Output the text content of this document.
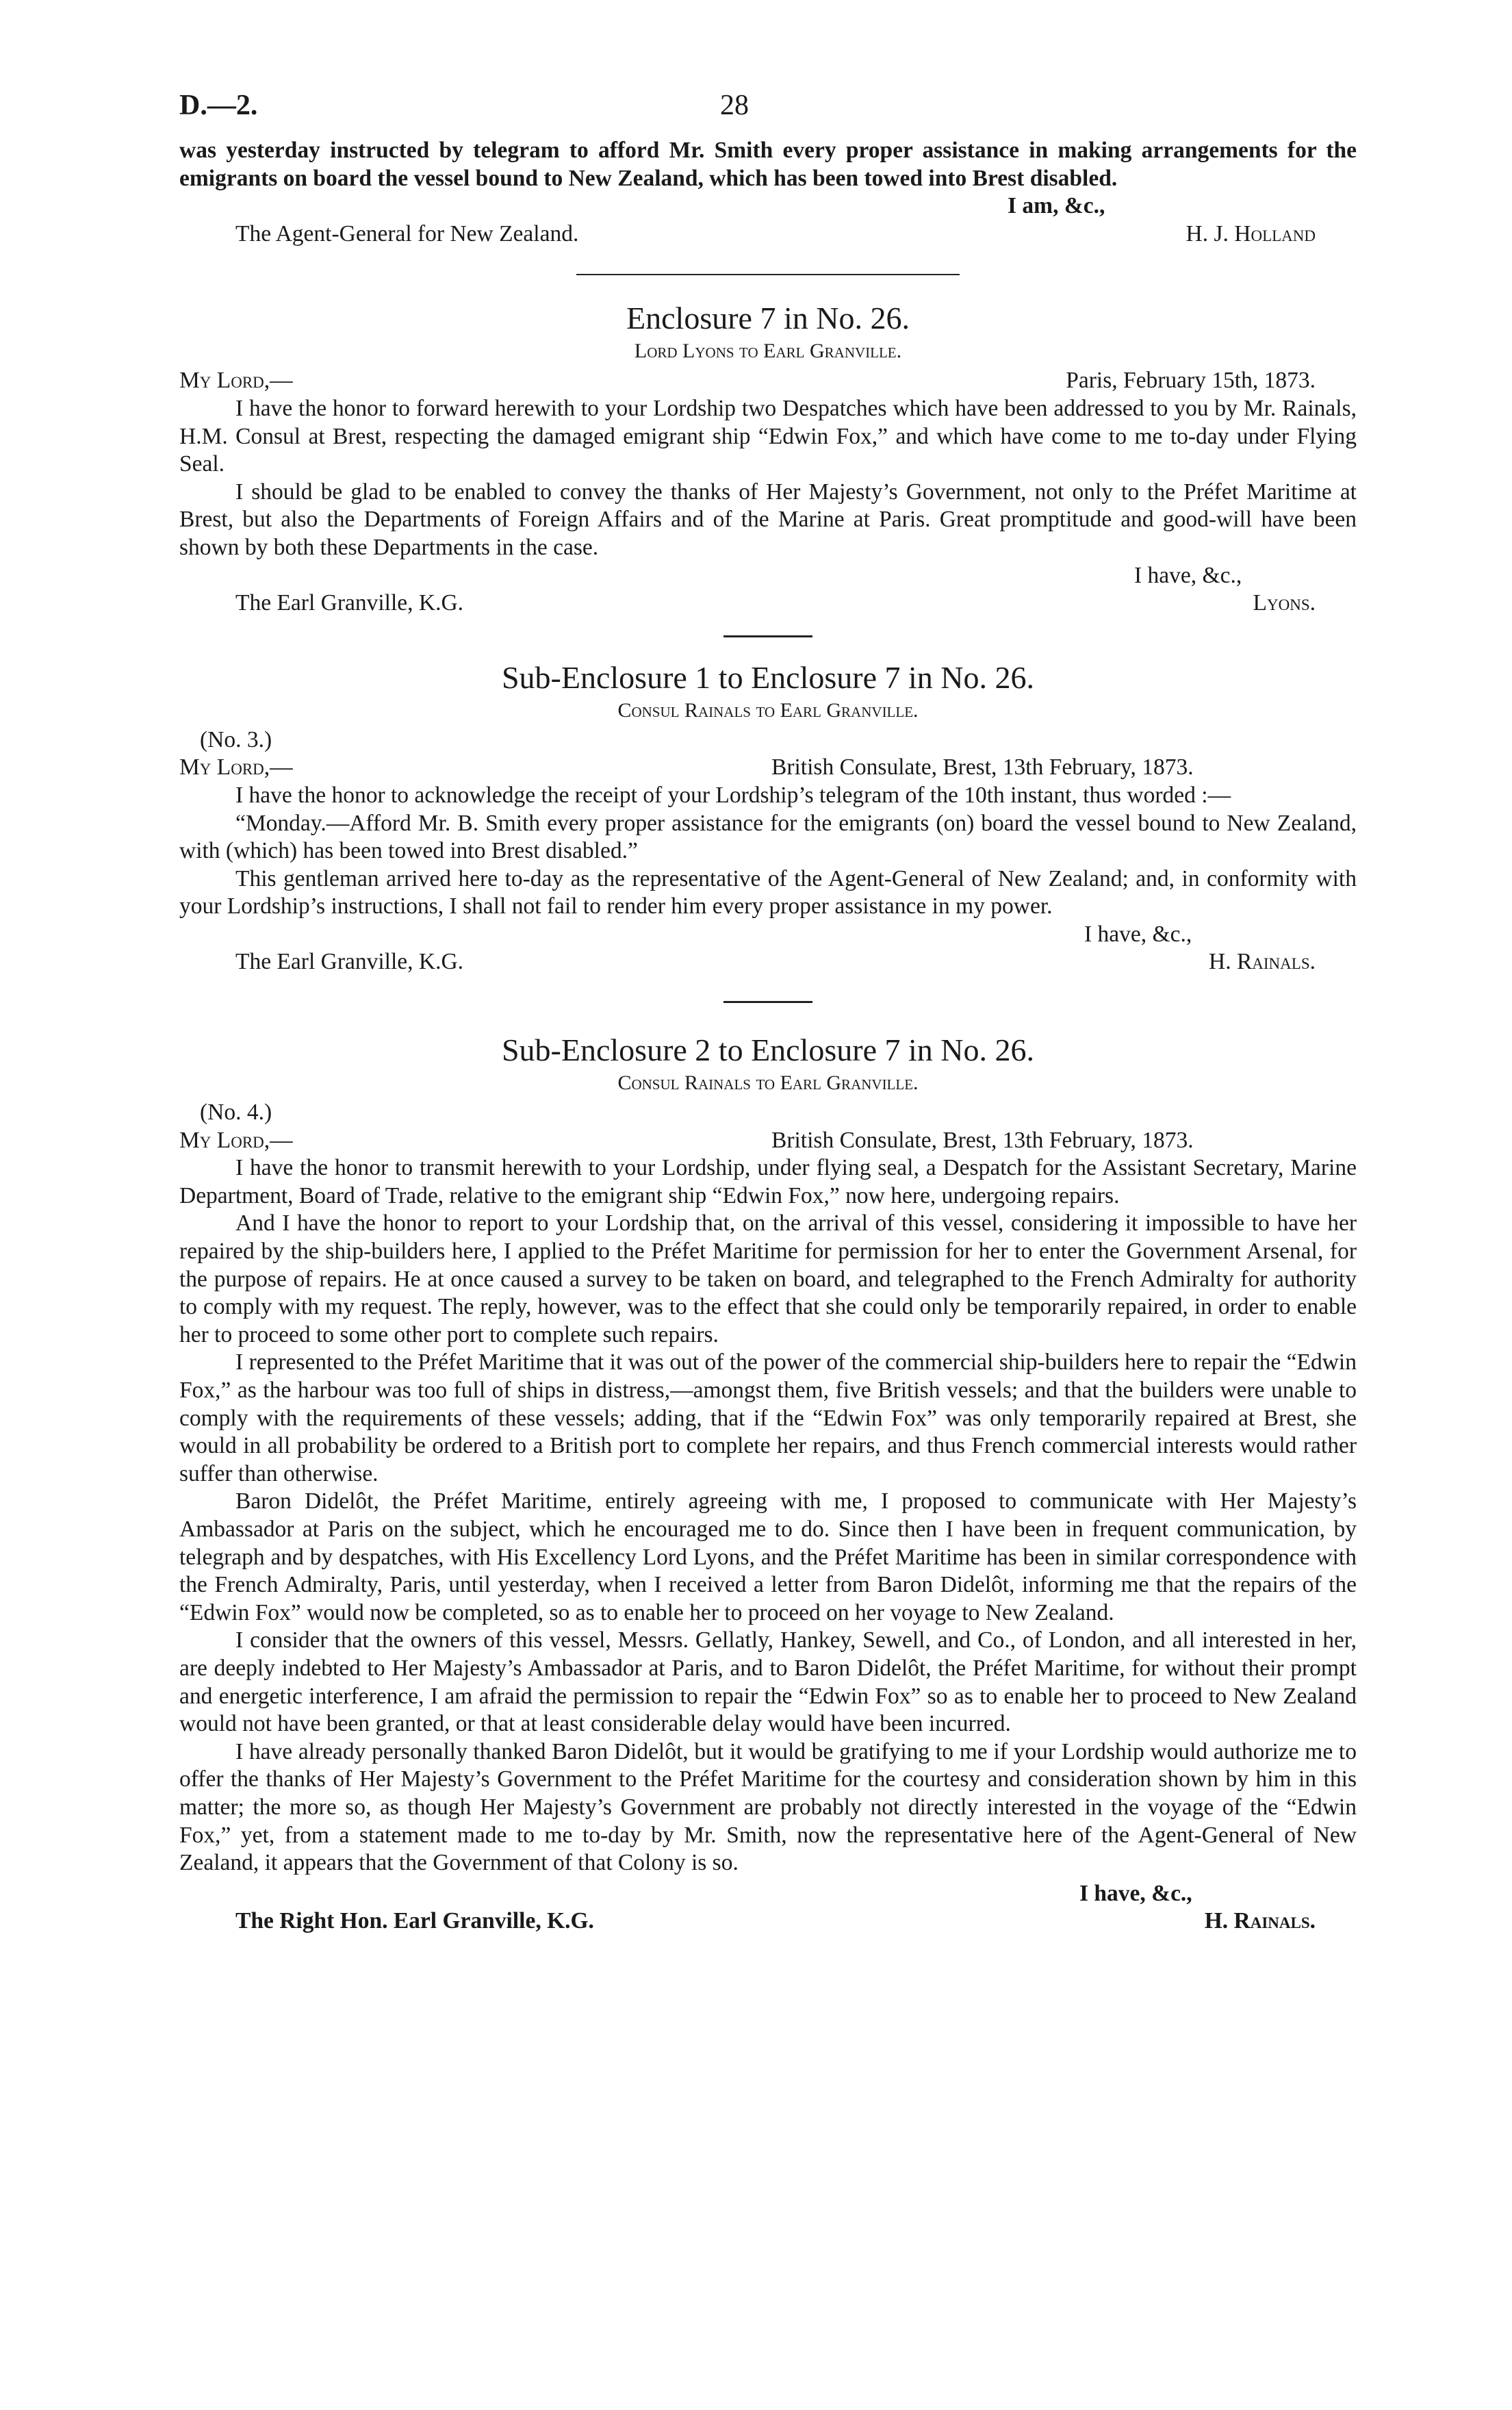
D.—2.	28

was yesterday instructed by telegram to afford Mr. Smith every proper assistance in making arrangements for the emigrants on board the vessel bound to New Zealand, which has been towed into Brest disabled.

I am, &c.,
The Agent-General for New Zealand.	H. J. Holland
Enclosure 7 in No. 26.
Lord Lyons to Earl Granville.
My Lord,—	Paris, February 15th, 1873.

I have the honor to forward herewith to your Lordship two Despatches which have been addressed to you by Mr. Rainals, H.M. Consul at Brest, respecting the damaged emigrant ship “Edwin Fox,” and which have come to me to-day under Flying Seal.

I should be glad to be enabled to convey the thanks of Her Majesty’s Government, not only to the Préfet Maritime at Brest, but also the Departments of Foreign Affairs and of the Marine at Paris. Great promptitude and good-will have been shown by both these Departments in the case.

I have, &c.,
The Earl Granville, K.G.	Lyons.
Sub-Enclosure 1 to Enclosure 7 in No. 26.
Consul Rainals to Earl Granville.
(No. 3.)
My Lord,—	British Consulate, Brest, 13th February, 1873.

I have the honor to acknowledge the receipt of your Lordship’s telegram of the 10th instant, thus worded :—

“Monday.—Afford Mr. B. Smith every proper assistance for the emigrants (on) board the vessel bound to New Zealand, with (which) has been towed into Brest disabled.”

This gentleman arrived here to-day as the representative of the Agent-General of New Zealand; and, in conformity with your Lordship’s instructions, I shall not fail to render him every proper assistance in my power.

I have, &c.,
The Earl Granville, K.G.	H. Rainals.
Sub-Enclosure 2 to Enclosure 7 in No. 26.
Consul Rainals to Earl Granville.
(No. 4.)
My Lord,—	British Consulate, Brest, 13th February, 1873.

I have the honor to transmit herewith to your Lordship, under flying seal, a Despatch for the Assistant Secretary, Marine Department, Board of Trade, relative to the emigrant ship “Edwin Fox,” now here, undergoing repairs.

And I have the honor to report to your Lordship that, on the arrival of this vessel, considering it impossible to have her repaired by the ship-builders here, I applied to the Préfet Maritime for permission for her to enter the Government Arsenal, for the purpose of repairs. He at once caused a survey to be taken on board, and telegraphed to the French Admiralty for authority to comply with my request. The reply, however, was to the effect that she could only be temporarily repaired, in order to enable her to proceed to some other port to complete such repairs.

I represented to the Préfet Maritime that it was out of the power of the commercial ship-builders here to repair the “Edwin Fox,” as the harbour was too full of ships in distress,—amongst them, five British vessels; and that the builders were unable to comply with the requirements of these vessels; adding, that if the “Edwin Fox” was only temporarily repaired at Brest, she would in all probability be ordered to a British port to complete her repairs, and thus French commercial interests would rather suffer than otherwise.

Baron Didelôt, the Préfet Maritime, entirely agreeing with me, I proposed to communicate with Her Majesty’s Ambassador at Paris on the subject, which he encouraged me to do. Since then I have been in frequent communication, by telegraph and by despatches, with His Excellency Lord Lyons, and the Préfet Maritime has been in similar correspondence with the French Admiralty, Paris, until yesterday, when I received a letter from Baron Didelôt, informing me that the repairs of the “Edwin Fox” would now be completed, so as to enable her to proceed on her voyage to New Zealand.

I consider that the owners of this vessel, Messrs. Gellatly, Hankey, Sewell, and Co., of London, and all interested in her, are deeply indebted to Her Majesty’s Ambassador at Paris, and to Baron Didelôt, the Préfet Maritime, for without their prompt and energetic interference, I am afraid the permission to repair the “Edwin Fox” so as to enable her to proceed to New Zealand would not have been granted, or that at least considerable delay would have been incurred.

I have already personally thanked Baron Didelôt, but it would be gratifying to me if your Lordship would authorize me to offer the thanks of Her Majesty’s Government to the Préfet Maritime for the courtesy and consideration shown by him in this matter; the more so, as though Her Majesty’s Government are probably not directly interested in the voyage of the “Edwin Fox,” yet, from a statement made to me to-day by Mr. Smith, now the representative here of the Agent-General of New Zealand, it appears that the Government of that Colony is so.

I have, &c.,
The Right Hon. Earl Granville, K.G.	H. Rainals.
